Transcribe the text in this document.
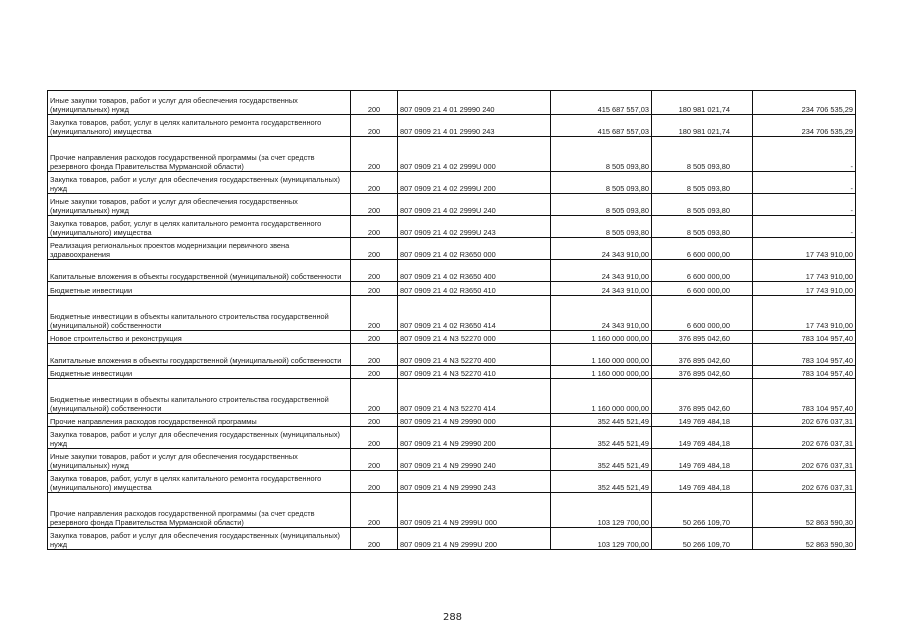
Иные закупки товаров, работ и услуг для обеспечения государственных (муниципальных) нужд	200	807 0909 21 4 01 29990 240	415 687 557,03	180 981 021,74	234 706 535,29
Закупка товаров, работ, услуг в целях капитального ремонта государственного (муниципального) имущества	200	807 0909 21 4 01 29990 243	415 687 557,03	180 981 021,74	234 706 535,29
Прочие направления расходов государственной программы (за счет средств резервного фонда Правительства Мурманской области)	200	807 0909 21 4 02 2999U 000	8 505 093,80	8 505 093,80	-
Закупка товаров, работ и услуг для обеспечения государственных (муниципальных) нужд	200	807 0909 21 4 02 2999U 200	8 505 093,80	8 505 093,80	-
Иные закупки товаров, работ и услуг для обеспечения государственных (муниципальных) нужд	200	807 0909 21 4 02 2999U 240	8 505 093,80	8 505 093,80	-
Закупка товаров, работ, услуг в целях капитального ремонта государственного (муниципального) имущества	200	807 0909 21 4 02 2999U 243	8 505 093,80	8 505 093,80	-
Реализация региональных проектов модернизации первичного звена здравоохранения	200	807 0909 21 4 02 R3650 000	24 343 910,00	6 600 000,00	17 743 910,00
Капитальные вложения в объекты государственной (муниципальной) собственности	200	807 0909 21 4 02 R3650 400	24 343 910,00	6 600 000,00	17 743 910,00
Бюджетные инвестиции	200	807 0909 21 4 02 R3650 410	24 343 910,00	6 600 000,00	17 743 910,00
Бюджетные инвестиции в объекты капитального строительства государственной (муниципальной) собственности	200	807 0909 21 4 02 R3650 414	24 343 910,00	6 600 000,00	17 743 910,00
Новое строительство и реконструкция	200	807 0909 21 4 N3 52270 000	1 160 000 000,00	376 895 042,60	783 104 957,40
Капитальные вложения в объекты государственной (муниципальной) собственности	200	807 0909 21 4 N3 52270 400	1 160 000 000,00	376 895 042,60	783 104 957,40
Бюджетные инвестиции	200	807 0909 21 4 N3 52270 410	1 160 000 000,00	376 895 042,60	783 104 957,40
Бюджетные инвестиции в объекты капитального строительства государственной (муниципальной) собственности	200	807 0909 21 4 N3 52270 414	1 160 000 000,00	376 895 042,60	783 104 957,40
Прочие направления расходов государственной программы	200	807 0909 21 4 N9 29990 000	352 445 521,49	149 769 484,18	202 676 037,31
Закупка товаров, работ и услуг для обеспечения государственных (муниципальных) нужд	200	807 0909 21 4 N9 29990 200	352 445 521,49	149 769 484,18	202 676 037,31
Иные закупки товаров, работ и услуг для обеспечения государственных (муниципальных) нужд	200	807 0909 21 4 N9 29990 240	352 445 521,49	149 769 484,18	202 676 037,31
Закупка товаров, работ, услуг в целях капитального ремонта государственного (муниципального) имущества	200	807 0909 21 4 N9 29990 243	352 445 521,49	149 769 484,18	202 676 037,31
Прочие направления расходов государственной программы (за счет средств резервного фонда Правительства Мурманской области)	200	807 0909 21 4 N9 2999U 000	103 129 700,00	50 266 109,70	52 863 590,30
Закупка товаров, работ и услуг для обеспечения государственных (муниципальных) нужд	200	807 0909 21 4 N9 2999U 200	103 129 700,00	50 266 109,70	52 863 590,30
288
